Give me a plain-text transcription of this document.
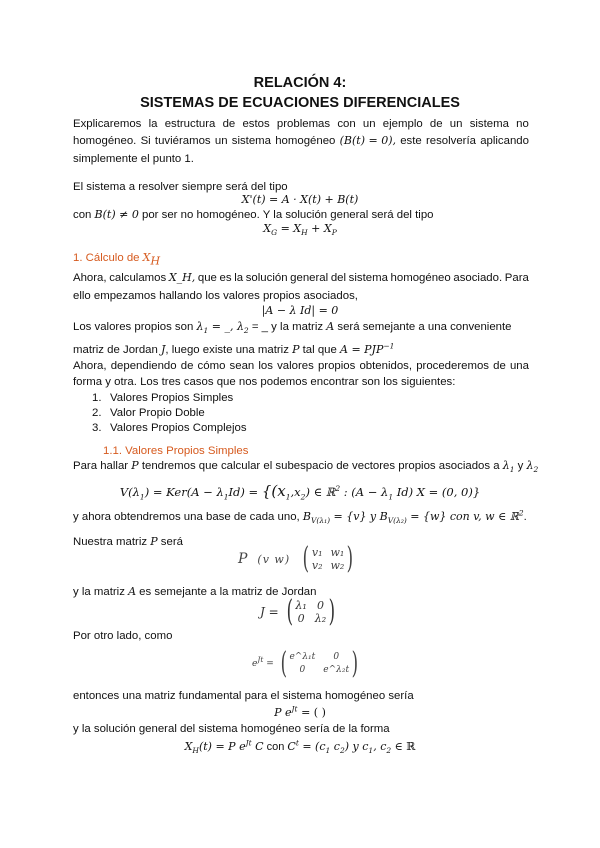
RELACIÓN 4:
SISTEMAS DE ECUACIONES DIFERENCIALES
Explicaremos la estructura de estos problemas con un ejemplo de un sistema no
homogéneo. Si tuviéramos un sistema homogéneo (B(t) = 0), este resolvería aplicando
simplemente el punto 1.
El sistema a resolver siempre será del tipo
X'(t) = A · X(t) + B(t)
con B(t) ≠ 0 por ser no homogéneo. Y la solución general será del tipo
$X_G = X_H + X_P$
1. Cálculo de $X_H$
Ahora, calculamos X_H, que es la solución general del sistema homogéneo asociado. Para
ello empezamos hallando los valores propios asociados,
|A − λ Id| = 0
Los valores propios son $\lambda_1$ = _, $\lambda_2$ = _ y la matriz A será semejante a una conveniente
matriz de Jordan J, luego existe una matriz P tal que $A = PJP^{-1}$
Ahora, dependiendo de cómo sean los valores propios obtenidos, procederemos de una
forma y otra. Los tres casos que nos podemos encontrar son los siguientes:
1. Valores Propios Simples
2. Valor Propio Doble
3. Valores Propios Complejos
1.1. Valores Propios Simples
Para hallar P tendremos que calcular el subespacio de vectores propios asociados a $\lambda_1$ y $\lambda_2$
$V(\lambda_1) = Ker(A - \lambda_1Id) = \{(x_1,x_2)$ ∈ ℝ$^2$ : ($A - \lambda_1$ Id) X = (0, 0)}
y ahora obtendremos una base de cada uno, $B_{V(\lambda_1)} = \{v\}$ y $B_{V(\lambda_2)} = \{w\}$ con v, w ∈ ℝ$^2$.
Nuestra matriz P será
P (v w) ( v₁ w₁
v₂ w₂ )
y la matriz A es semejante a la matriz de Jordan
J = ( λ₁ 0
0 λ₂ )
Por otro lado, como
$e^{Jt}$ = ( e^λ₁t	0
0	e^λ₂t )
entonces una matriz fundamental para el sistema homogéneo sería
P $e^{Jt}$ = ( )
y la solución general del sistema homogéneo sería de la forma
$X_H(t) = P$ $e^{Jt}$ C con $C^t = (c_1$ $c_2$) y $c_1$, $c_2$ ∈ ℝ
